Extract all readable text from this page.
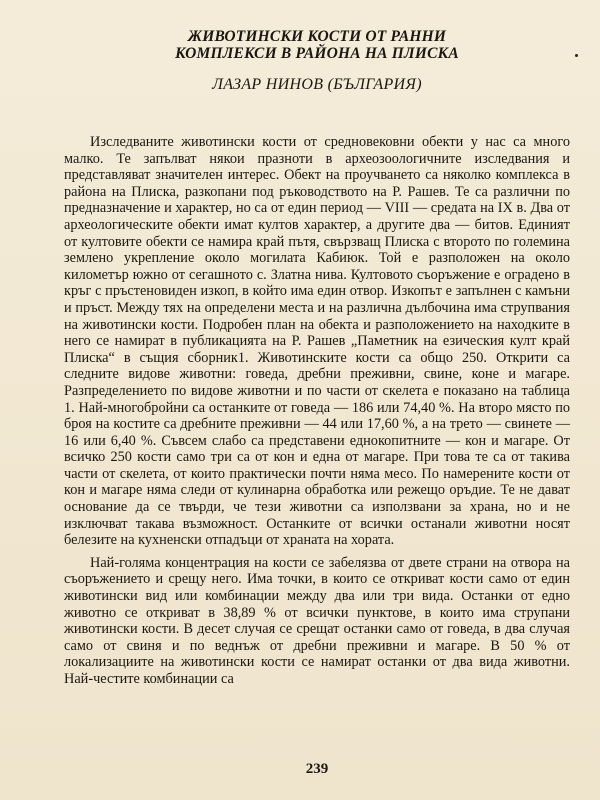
ЖИВОТИНСКИ КОСТИ ОТ РАННИ
КОМПЛЕКСИ В РАЙОНА НА ПЛИСКА
ЛАЗАР НИНОВ (БЪЛГАРИЯ)

Изследваните животински кости от средновековни обекти у нас са много малко. Те запълват някои празноти в археозоологичните изследвания и представляват значителен интерес. Обект на проучването са няколко комплекса в района на Плиска, разкопани под ръководството на Р. Рашев. Те са различни по предназначение и характер, но са от един период — VIII — средата на IX в. Два от археологическите обекти имат култов характер, а другите два — битов. Единият от култовите обекти се намира край пътя, свързващ Плиска с второто по големина землено укрепление около могилата Кабиюк. Той е разположен на около километър южно от сегашното с. Златна нива. Култовото съоръжение е оградено в кръг с пръстеновиден изкоп, в който има един отвор. Изкопът е запълнен с камъни и пръст. Между тях на определени места и на различна дълбочина има струпвания на животински кости. Подробен план на обекта и разположението на находките в него се намират в публикацията на Р. Рашев „Паметник на езическия култ край Плиска“ в същия сборник1. Животинските кости са общо 250. Открити са следните видове животни: говеда, дребни преживни, свине, коне и магаре. Разпределението по видове животни и по части от скелета е показано на таблица 1. Най-многобройни са останките от говеда — 186 или 74,40 %. На второ място по броя на костите са дребните преживни — 44 или 17,60 %, а на трето — свинете — 16 или 6,40 %. Съвсем слабо са представени еднокопитните — кон и магаре. От всичко 250 кости само три са от кон и една от магаре. При това те са от такива части от скелета, от които практически почти няма месо. По намерените кости от кон и магаре няма следи от кулинарна обработка или режещо оръдие. Те не дават основание да се твърди, че тези животни са използвани за храна, но и не изключват такава възможност. Останките от всички останали животни носят белезите на кухненски отпадъци от храната на хората.

Най-голяма концентрация на кости се забелязва от двете страни на отвора на съоръжението и срещу него. Има точки, в които се откриват кости само от един животински вид или комбинации между два или три вида. Останки от едно животно се откриват в 38,89 % от всички пунктове, в които има струпани животински кости. В десет случая се срещат останки само от говеда, в два случая само от свиня и по веднъж от дребни преживни и магаре. В 50 % от локализациите на животински кости се намират останки от два вида животни. Най-честите комбинации са

239
